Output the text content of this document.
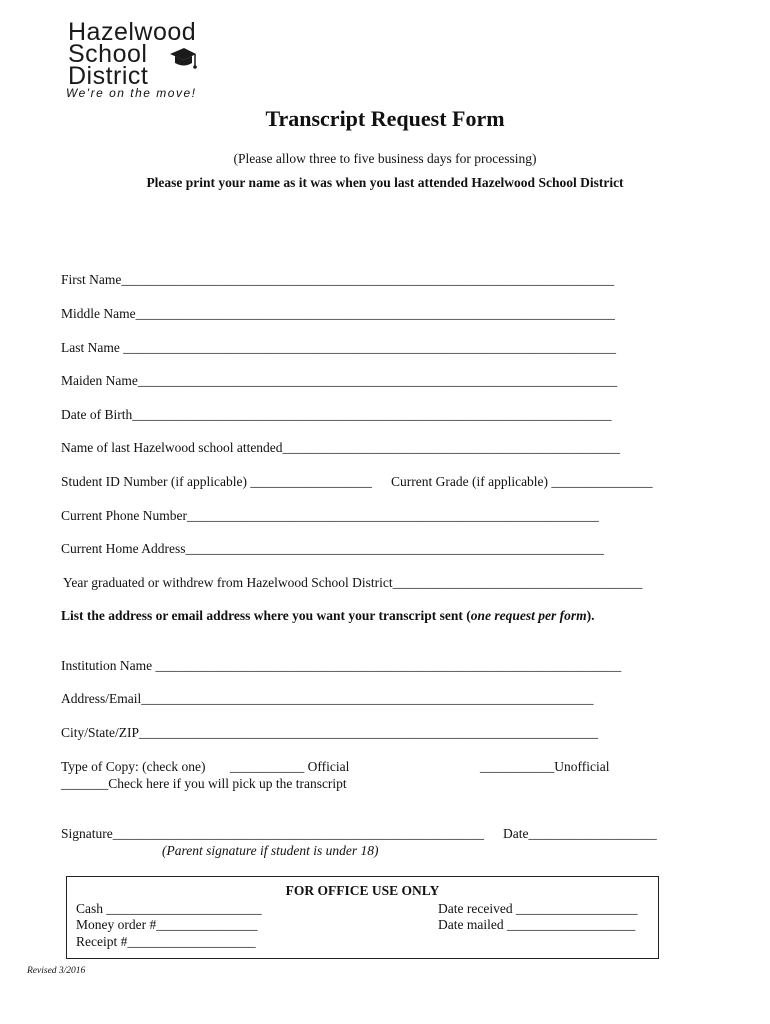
Hazelwood
School
District
We're on the move!
Transcript Request Form
(Please allow three to five business days for processing)
Please print your name as it was when you last attended Hazelwood School District
First Name_________________________________________________________________________
Middle Name_______________________________________________________________________
Last Name _________________________________________________________________________
Maiden Name_______________________________________________________________________
Date of Birth_______________________________________________________________________
Name of last Hazelwood school attended__________________________________________________
Student ID Number (if applicable) __________________ Current Grade (if applicable) _______________
Current Phone Number_____________________________________________________________
Current Home Address______________________________________________________________
Year graduated or withdrew from Hazelwood School District_____________________________________
List the address or email address where you want your transcript sent (one request per form).
Institution Name _____________________________________________________________________
Address/Email___________________________________________________________________
City/State/ZIP____________________________________________________________________
Type of Copy: (check one) ___________ Official	___________Unofficial
_______Check here if you will pick up the transcript
Signature_______________________________________________________ Date___________________
(Parent signature if student is under 18)
FOR OFFICE USE ONLY
Cash _______________________
Money order #_______________
Receipt #___________________
Date received __________________
Date mailed ___________________
Revised 3/2016
